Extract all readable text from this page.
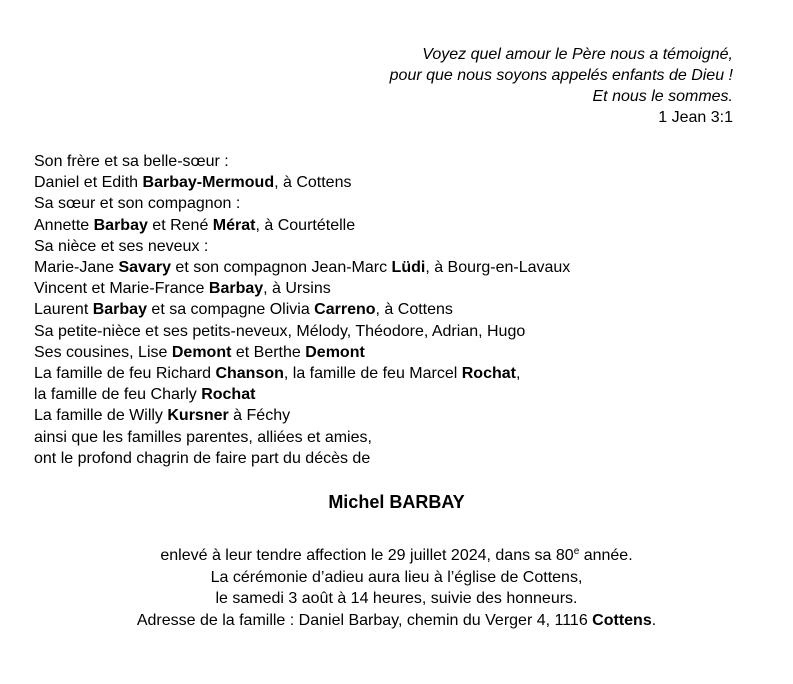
Voyez quel amour le Père nous a témoigné,
pour que nous soyons appelés enfants de Dieu !
Et nous le sommes.
1 Jean 3:1
Son frère et sa belle-sœur :
Daniel et Edith Barbay-Mermoud, à Cottens
Sa sœur et son compagnon :
Annette Barbay et René Mérat, à Courtételle
Sa nièce et ses neveux :
Marie-Jane Savary et son compagnon Jean-Marc Lüdi, à Bourg-en-Lavaux
Vincent et Marie-France Barbay, à Ursins
Laurent Barbay et sa compagne Olivia Carreno, à Cottens
Sa petite-nièce et ses petits-neveux, Mélody, Théodore, Adrian, Hugo
Ses cousines, Lise Demont et Berthe Demont
La famille de feu Richard Chanson, la famille de feu Marcel Rochat,
la famille de feu Charly Rochat
La famille de Willy Kursner à Féchy
ainsi que les familles parentes, alliées et amies,
ont le profond chagrin de faire part du décès de
Michel BARBAY
enlevé à leur tendre affection le 29 juillet 2024, dans sa 80e année.
La cérémonie d’adieu aura lieu à l’église de Cottens,
le samedi 3 août à 14 heures, suivie des honneurs.
Adresse de la famille : Daniel Barbay, chemin du Verger 4, 1116 Cottens.
